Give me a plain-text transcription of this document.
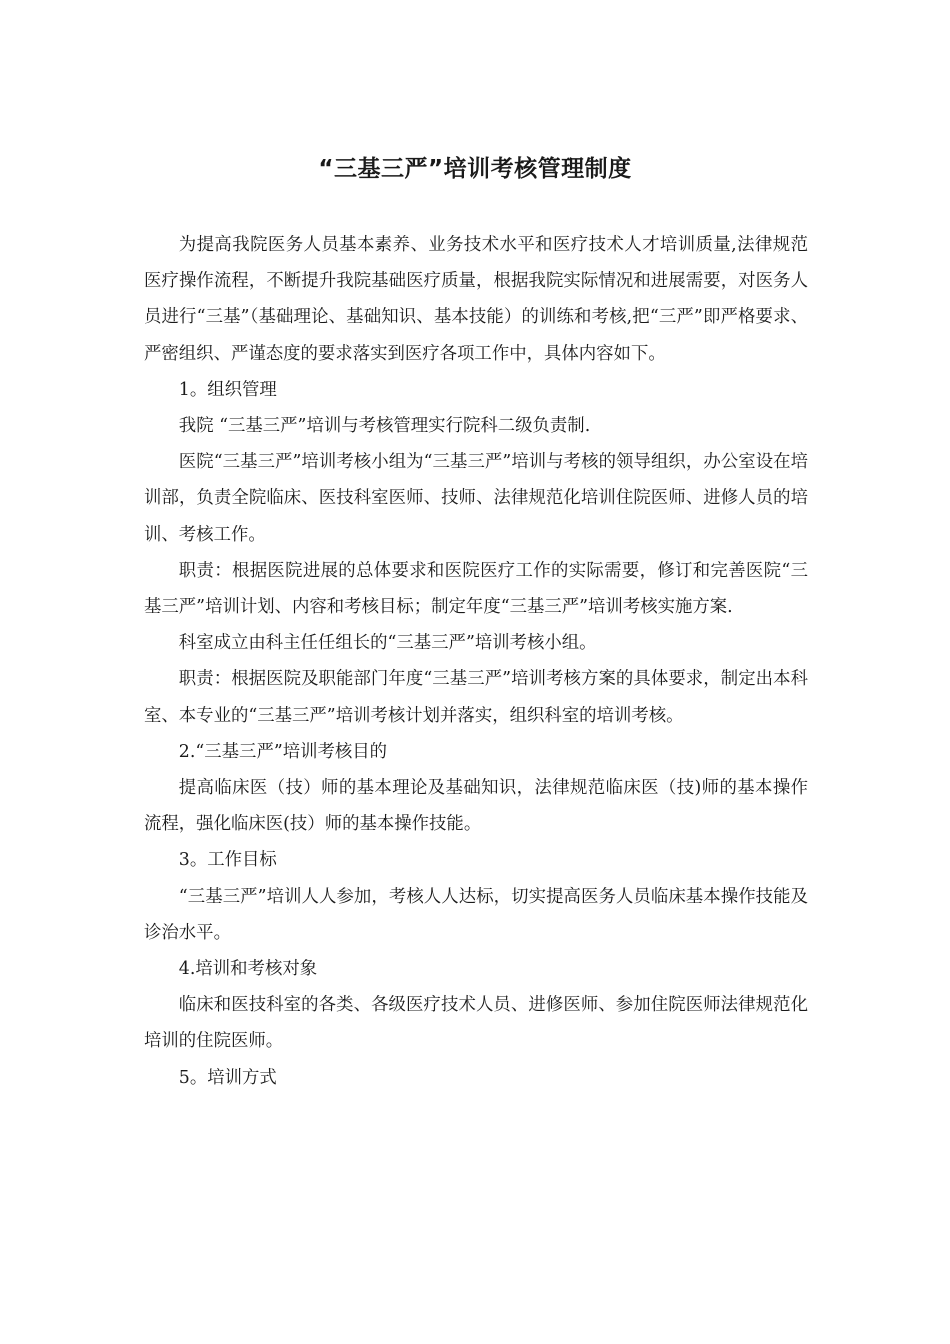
“三基三严”培训考核管理制度

为提高我院医务人员基本素养、业务技术水平和医疗技术人才培训质量,法律规范医疗操作流程，不断提升我院基础医疗质量，根据我院实际情况和进展需要，对医务人员进行“三基”（基础理论、基础知识、基本技能）的训练和考核,把“三严”即严格要求、严密组织、严谨态度的要求落实到医疗各项工作中，具体内容如下。

1。组织管理

我院 “三基三严”培训与考核管理实行院科二级负责制.

医院“三基三严”培训考核小组为“三基三严”培训与考核的领导组织，办公室设在培训部，负责全院临床、医技科室医师、技师、法律规范化培训住院医师、进修人员的培训、考核工作。

职责：根据医院进展的总体要求和医院医疗工作的实际需要，修订和完善医院“三基三严”培训计划、内容和考核目标；制定年度“三基三严”培训考核实施方案.

科室成立由科主任任组长的“三基三严”培训考核小组。

职责：根据医院及职能部门年度“三基三严”培训考核方案的具体要求，制定出本科室、本专业的“三基三严”培训考核计划并落实，组织科室的培训考核。

2.“三基三严”培训考核目的

提高临床医（技）师的基本理论及基础知识，法律规范临床医（技)师的基本操作流程，强化临床医(技）师的基本操作技能。

3。工作目标

“三基三严”培训人人参加，考核人人达标，切实提高医务人员临床基本操作技能及诊治水平。

4.培训和考核对象

临床和医技科室的各类、各级医疗技术人员、进修医师、参加住院医师法律规范化培训的住院医师。

5。培训方式
